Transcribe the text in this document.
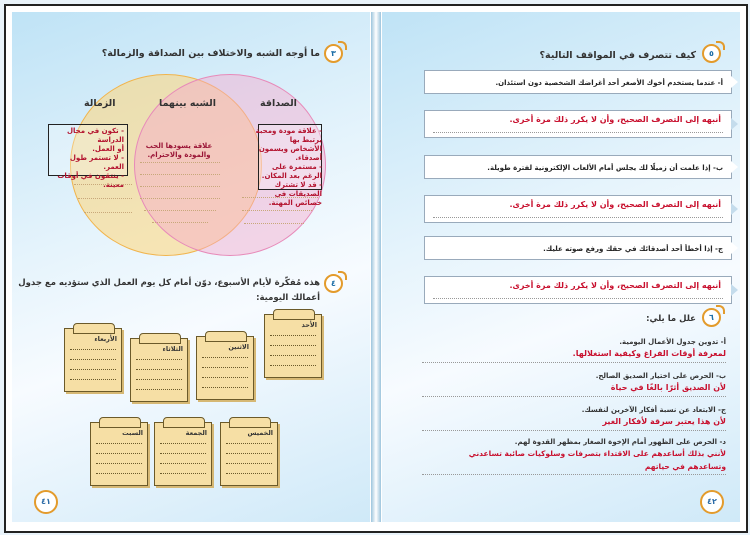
٣
ما أوجه الشبه والاختلاف بين الصداقة والزمالة؟
الصداقة
الشبه بينهما
الزمالة
- علاقة مودة ومحبة يرتبط بها
الأشخاص ويسمون أصدقاء.
- مستمرة على الرغم بعد المكان.
- قد لا تشترك الصديقات في
خصائص المهنة.
علاقة يسودها الحب
والمودة والاحترام.
- تكون في مجال الدراسة
أو العمل.
- لا تستمر طول العمر.
- ينتقون في أوقات معينة.
٤
هذه مُفكّرة لأيام الأسبوع، دوّن أمام كل يوم العمل الذي ستؤديه مع جدول
أعمالك اليومية:
الأحد
الاثنين
الثلاثاء
الأربعاء
الخميس
الجمعة
السبت
٤١
٥
كيف تتصرف في المواقف التالية؟
أ- عندما يستخدم أخوك الأصغر أحد أغراضك الشخصية دون استئذان.
أنبهه إلى التصرف الصحيح، وأن لا يكرر ذلك مرة أخرى.
ب- إذا علمت أن زميلًا لك يجلس أمام الألعاب الإلكترونية لفترة طويلة.
أنبهه إلى التصرف الصحيح، وأن لا يكرر ذلك مرة أخرى.
ج- إذا أخطأ أحد أصدقائك في حقك ورفع صوته عليك.
أنبهه إلى التصرف الصحيح، وأن لا يكرر ذلك مرة أخرى.
٦
علل ما يلي:
أ- تدوين جدول الأعمال اليومية.
لمعرفة أوقات الفراغ وكيفية استغلالها.
ب- الحرص على اختيار الصديق الصالح.
لأن الصديق أثرًا بالغًا في حياة
ج- الابتعاد عن نسبة أفكار الآخرين لنفسك.
لأن هذا يعتبر سرقة لأفكار الغير
د- الحرص على الظهور أمام الإخوة الصغار بمظهر القدوة لهم.
لأنني بذلك أساعدهم على الاقتداء بتصرفات وسلوكيات صائبة تساعدني
وتساعدهم في حياتهم
٤٢
